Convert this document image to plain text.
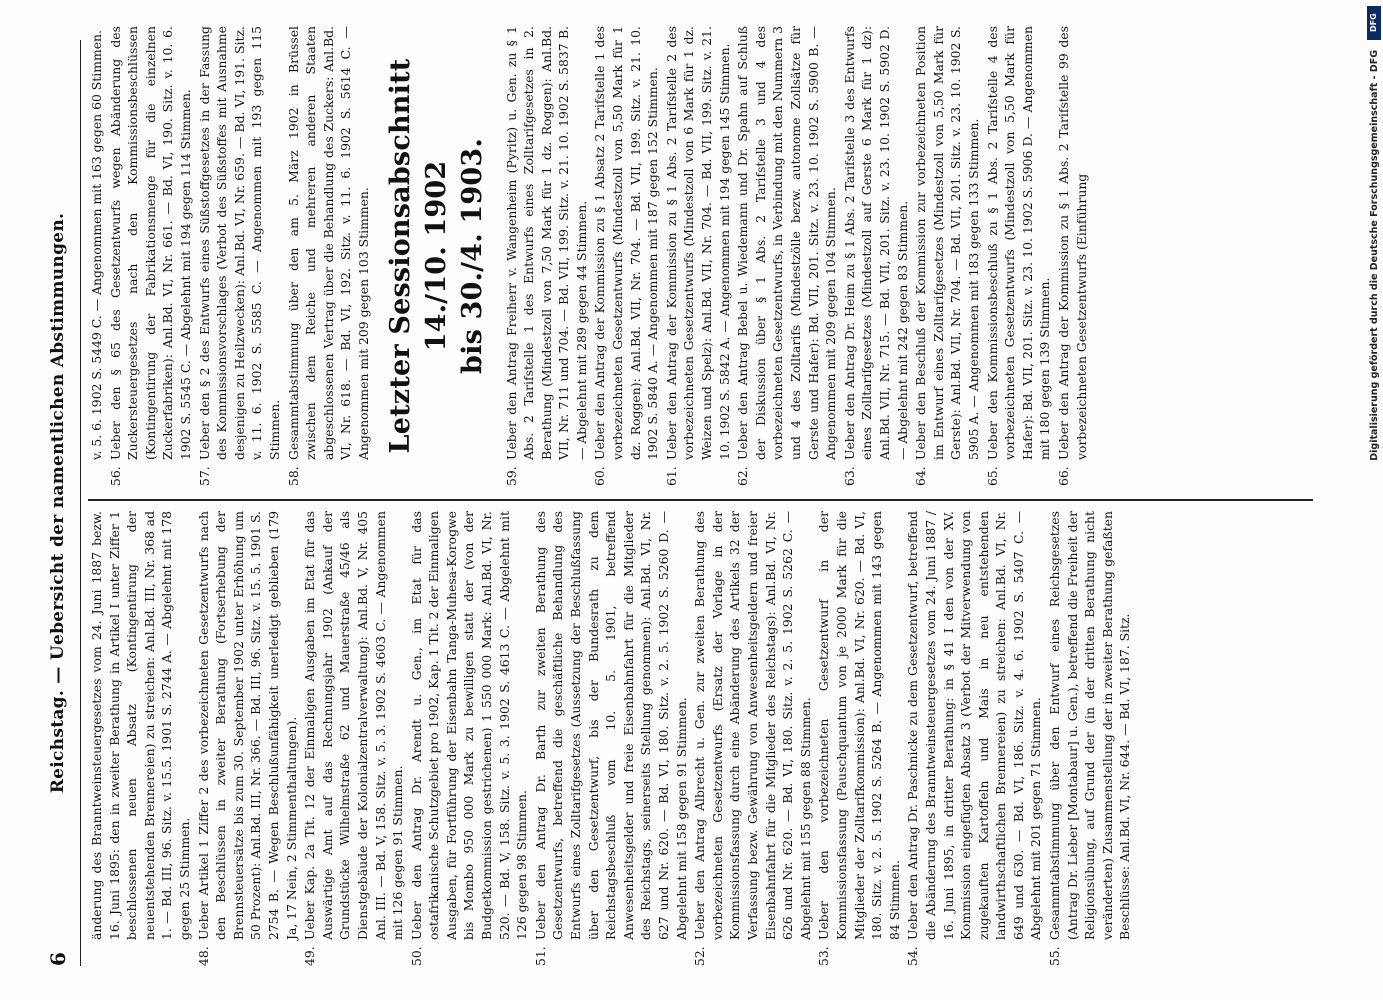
6
Reichstag. — Uebersicht der namentlichen Abstimmungen. änderung des Branntweinsteuergesetzes vom 24. Juni 1887 bezw. 16. Juni 1895: den in zweiter Berathung in Artikel I unter Ziffer 1 beschlossenen neuen Absatz (Kontingentirung der neuentstehenden Brennereien) zu streichen: Anl.Bd. III, Nr. 368 ad 1. — Bd. III, 96. Sitz. v. 15.5. 1901 S. 2744 A. — Abgelehnt mit 178 gegen 25 Stimmen.
48.
Ueber Artikel 1 Ziffer 2 des vorbezeichneten Gesetzentwurfs nach den Beschlüssen in zweiter Berathung (Fortserhebung der Brennsteuersätze bis zum 30. September 1902 unter Erhöhung um 50 Prozent): Anl.Bd. III, Nr. 366. — Bd. III, 96. Sitz. v. 15. 5. 1901 S. 2754 B. — Wegen Beschlußunfähigkeit unerledigt geblieben (179 Ja, 17 Nein, 2 Stimmenthaltungen).
49.
Ueber Kap. 2a Tit. 12 der Einmaligen Ausgaben im Etat für das Auswärtige Amt auf das Rechnungsjahr 1902 (Ankauf der Grundstücke Wilhelmstraße 62 und Mauerstraße 45/46 als Dienstgebäude der Kolonialzentralverwaltung): Anl.Bd. V, Nr. 405 Anl. III. — Bd. V, 158. Sitz. v. 5. 3. 1902 S. 4603 C. — Angenommen mit 126 gegen 91 Stimmen.
50.
Ueber den Antrag Dr. Arendt u. Gen., im Etat für das ostafrikanische Schutzgebiet pro 1902, Kap. 1 Tit. 2 der Einmaligen Ausgaben, für Fortführung der Eisenbahn Tanga-Muhesa-Korogwe bis Mombo 950 000 Mark zu bewilligen statt der (von der Budgetkommission gestrichenen) 1 550 000 Mark: Anl.Bd. VI, Nr. 520. — Bd. V, 158. Sitz. v. 5. 3. 1902 S. 4613 C. — Abgelehnt mit 126 gegen 98 Stimmen.
51.
Ueber den Antrag Dr. Barth zur zweiten Berathung des Gesetzentwurfs, betreffend die geschäftliche Behandlung des Entwurfs eines Zolltarifgesetzes (Aussetzung der Beschlußfassung über den Gesetzentwurf, bis der Bundesrath zu dem Reichstagsbeschluß vom 10. 5. 1901, betreffend Anwesenheitsgelder und freie Eisenbahnfahrt für die Mitglieder des Reichstags, seinerseits Stellung genommen): Anl.Bd. VI, Nr. 627 und Nr. 620. — Bd. VI, 180. Sitz. v. 2. 5. 1902 S. 5260 D. — Abgelehnt mit 158 gegen 91 Stimmen.
52.
Ueber den Antrag Albrecht u. Gen. zur zweiten Berathung des vorbezeichneten Gesetzentwurfs (Ersatz der Vorlage in der Kommissionsfassung durch eine Abänderung des Artikels 32 der Verfassung bezw. Gewährung von Anwesenheitsgeldern und freier Eisenbahnfahrt für die Mitglieder des Reichstags): Anl.Bd. VI, Nr. 626 und Nr. 620. — Bd. VI, 180. Sitz. v. 2. 5. 1902 S. 5262 C. — Abgelehnt mit 155 gegen 88 Stimmen.
53.
Ueber den vorbezeichneten Gesetzentwurf in der Kommissionsfassung (Pauschquantum von je 2000 Mark für die Mitglieder der Zolltarifkommission): Anl.Bd. VI, Nr. 620. — Bd. VI, 180. Sitz. v. 2. 5. 1902 S. 5264 B. — Angenommen mit 143 gegen 84 Stimmen.
54.
Ueber den Antrag Dr. Paschnicke zu dem Gesetzentwurf, betreffend die Abänderung des Branntweinsteuergesetzes vom 24. Juni 1887 / 16. Juni 1895, in dritter Berathung: in § 41 I den von der XV. Kommission eingefügten Absatz 3 (Verbot der Mitverwendung von zugekauften Kartoffeln und Mais in neu entstehenden landwirthschaftlichen Brennereien) zu streichen: Anl.Bd. VI, Nr. 649 und 630. — Bd. VI, 186. Sitz. v. 4. 6. 1902 S. 5407 C. — Abgelehnt mit 201 gegen 71 Stimmen.
55.
Gesammtabstimmung über den Entwurf eines Reichsgesetzes (Antrag Dr. Lieber [Montabaur] u. Gen.), betreffend die Freiheit der Religionsübung, auf Grund der (in der dritten Berathung nicht veränderten) Zusammenstellung der in zweiter Berathung gefaßten Beschlüsse: Anl.Bd. VI, Nr. 644. — Bd. VI, 187. Sitz.
v. 5. 6. 1902 S. 5449 C. — Angenommen mit 163 gegen 60 Stimmen.
56.
Ueber den § 65 des Gesetzentwurfs wegen Abänderung des Zuckersteuergesetzes nach den Kommissionsbeschlüssen (Kontingentirung der Fabrikationsmenge für die einzelnen Zuckerfabriken): Anl.Bd. VI, Nr. 661. — Bd. VI, 190. Sitz. v. 10. 6. 1902 S. 5545 C. — Abgelehnt mit 194 gegen 114 Stimmen.
57.
Ueber den § 2 des Entwurfs eines Süßstoffgesetzes in der Fassung des Kommissionsvorschlages (Verbot des Süßstoffes mit Ausnahme desjenigen zu Heilzwecken): Anl.Bd. VI, Nr. 659. — Bd. VI, 191. Sitz. v. 11. 6. 1902 S. 5585 C. — Angenommen mit 193 gegen 115 Stimmen.
58.
Gesammtabstimmung über den am 5. März 1902 in Brüssel zwischen dem Reiche und mehreren anderen Staaten abgeschlossenen Vertrag über die Behandlung des Zuckers: Anl.Bd. VI, Nr. 618. — Bd. VI, 192. Sitz. v. 11. 6. 1902 S. 5614 C. — Angenommen mit 209 gegen 103 Stimmen. Letzter Sessionsabschnitt 14./10. 1902 bis 30./4. 1903.
59.
Ueber den Antrag Freiherr v. Wangenheim (Pyritz) u. Gen. zu § 1 Abs. 2 Tarifstelle 1 des Entwurfs eines Zolltarifgesetzes in 2. Berathung (Mindestzoll von 7,50 Mark für 1 dz. Roggen): Anl.Bd. VII, Nr. 711 und 704. — Bd. VII, 199. Sitz. v. 21. 10. 1902 S. 5837 B. — Abgelehnt mit 289 gegen 44 Stimmen.
60.
Ueber den Antrag der Kommission zu § 1 Absatz 2 Tarifstelle 1 des vorbezeichneten Gesetzentwurfs (Mindestzoll von 5,50 Mark für 1 dz. Roggen): Anl.Bd. VII, Nr. 704. — Bd. VII, 199. Sitz. v. 21. 10. 1902 S. 5840 A. — Angenommen mit 187 gegen 152 Stimmen.
61.
Ueber den Antrag der Kommission zu § 1 Abs. 2 Tarifstelle 2 des vorbezeichneten Gesetzentwurfs (Mindestzoll von 6 Mark für 1 dz. Weizen und Spelz): Anl.Bd. VII, Nr. 704. — Bd. VII, 199. Sitz. v. 21. 10. 1902 S. 5842 A. — Angenommen mit 194 gegen 145 Stimmen.
62.
Ueber den Antrag Bebel u. Wiedemann und Dr. Spahn auf Schluß der Diskussion über § 1 Abs. 2 Tarifstelle 3 und 4 des vorbezeichneten Gesetzentwurfs, in Verbindung mit den Nummern 3 und 4 des Zolltarifs (Mindestzölle bezw. autonome Zollsätze für Gerste und Hafer): Bd. VII, 201. Sitz. v. 23. 10. 1902 S. 5900 B. — Angenommen mit 209 gegen 104 Stimmen.
63.
Ueber den Antrag Dr. Heim zu § 1 Abs. 2 Tarifstelle 3 des Entwurfs eines Zolltarifgesetzes (Mindestzoll auf Gerste 6 Mark für 1 dz): Anl.Bd. VII, Nr. 715. — Bd. VII, 201. Sitz. v. 23. 10. 1902 S. 5902 D. — Abgelehnt mit 242 gegen 83 Stimmen.
64.
Ueber den Beschluß der Kommission zur vorbezeichneten Position im Entwurf eines Zolltarifgesetzes (Mindestzoll von 5,50 Mark für Gerste): Anl.Bd. VII, Nr. 704. — Bd. VII, 201. Sitz. v. 23. 10. 1902 S. 5905 A. — Angenommen mit 183 gegen 133 Stimmen.
65.
Ueber den Kommissionsbeschluß zu § 1 Abs. 2 Tarifstelle 4 des vorbezeichneten Gesetzentwurfs (Mindestzoll von 5,50 Mark für Hafer): Bd. VII, 201. Sitz. v. 23. 10. 1902 S. 5906 D. — Angenommen mit 180 gegen 139 Stimmen.
66.
Ueber den Antrag der Kommission zu § 1 Abs. 2 Tarifstelle 99 des vorbezeichneten Gesetzentwurfs (Einführung
DFG
Digitalisierung gefördert durch die Deutsche Forschungsgemeinschaft - DFG
